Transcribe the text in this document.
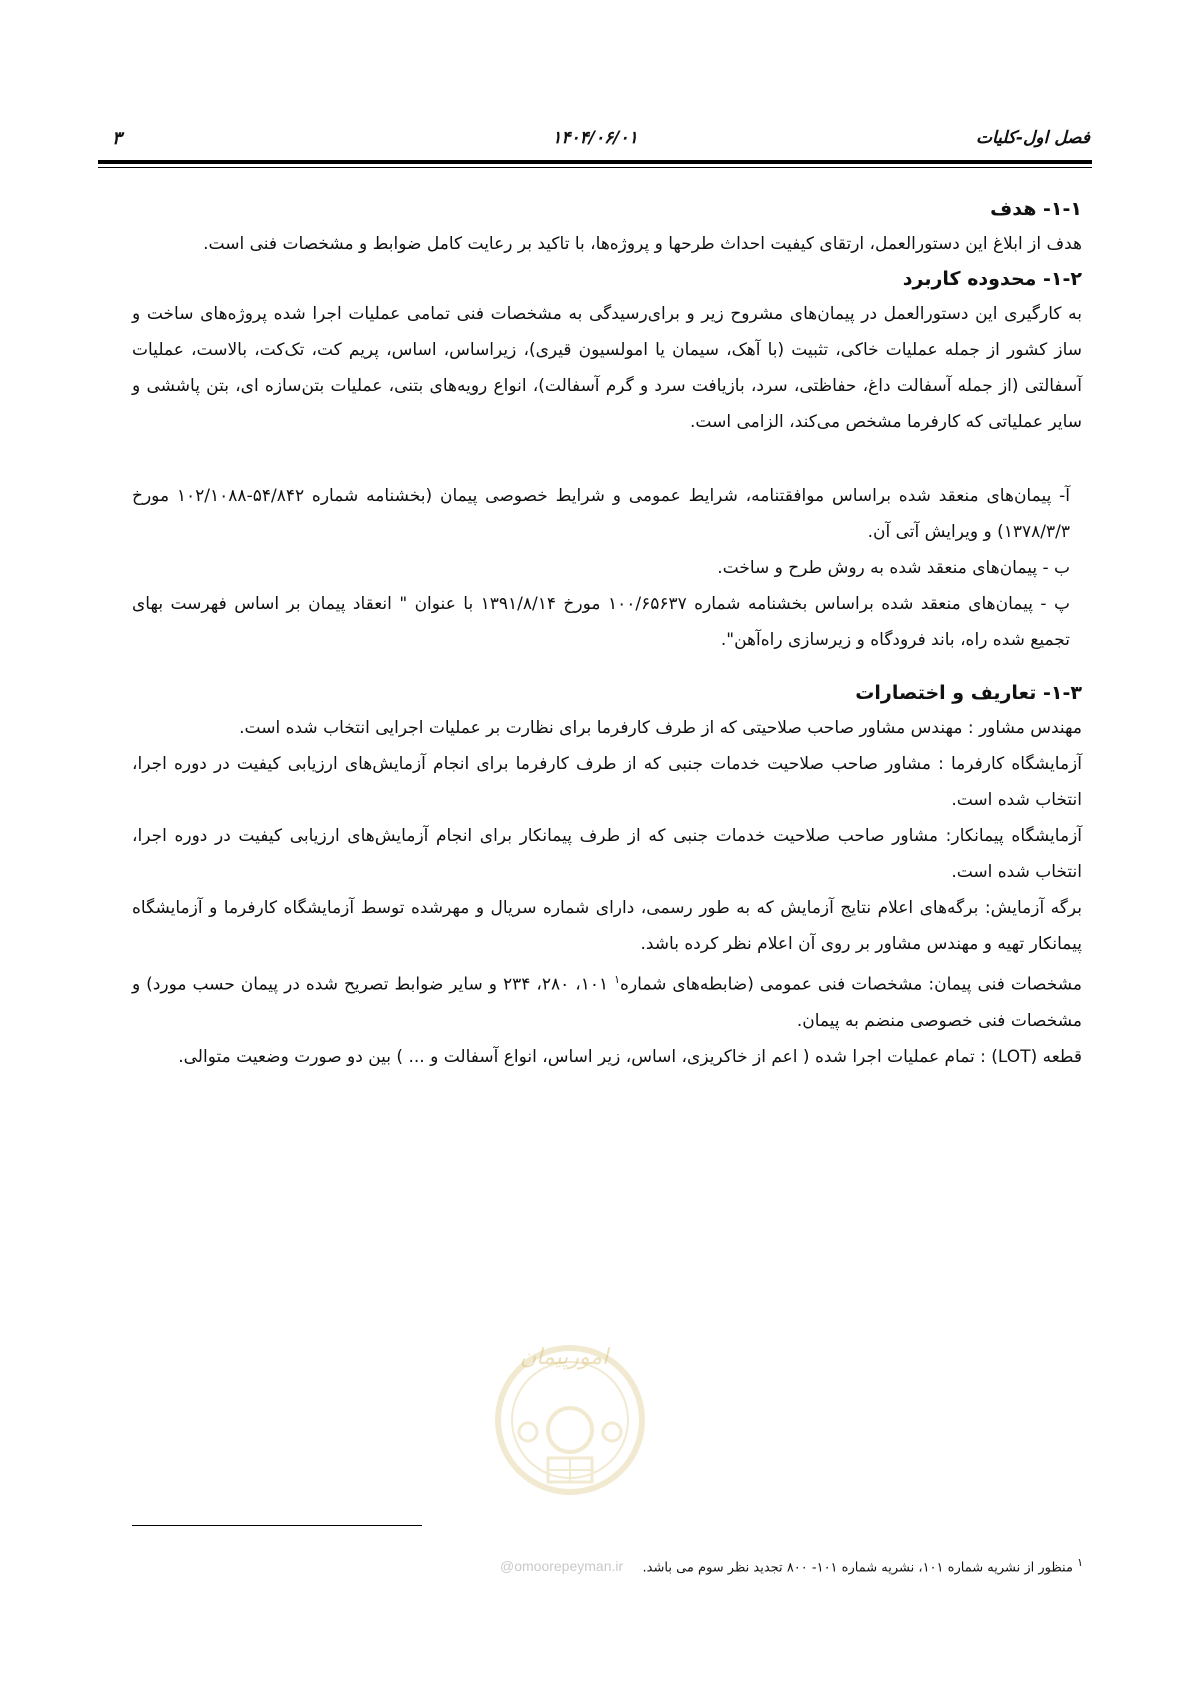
فصل اول-کلیات
۱۴۰۴/۰۶/۰۱
۳

۱-۱- هدف

هدف از ابلاغ این دستورالعمل، ارتقای کیفیت احداث طرحها و پروژه‌ها، با تاکید بر رعایت کامل ضوابط و مشخصات فنی است.

۱-۲- محدوده کاربرد

به کارگیری این دستورالعمل در پیمان‌های مشروح زیر و برای‌رسیدگی به مشخصات فنی تمامی عملیات اجرا شده پروژه‌های ساخت و ساز کشور از جمله عملیات خاکی، تثبیت (با آهک، سیمان یا امولسیون قیری)، زیراساس، اساس، پریم کت، تک‌کت، بالاست، عملیات آسفالتی (از جمله آسفالت داغ، حفاظتی، سرد، بازیافت سرد و گرم آسفالت)، انواع رویه‌های بتنی، عملیات بتن‌سازه ای، بتن پاششی و سایر عملیاتی که کارفرما مشخص می‌کند، الزامی است.

آ- پیمان‌های منعقد شده براساس موافقتنامه، شرایط عمومی و شرایط خصوصی پیمان (بخشنامه شماره ۵۴/۸۴۲-۱۰۲/۱۰۸۸ مورخ ۱۳۷۸/۳/۳) و ویرایش آتی آن.

ب - پیمان‌های منعقد شده به روش طرح و ساخت.

پ - پیمان‌های منعقد شده براساس بخشنامه شماره ۱۰۰/۶۵۶۳۷ مورخ ۱۳۹۱/۸/۱۴ با عنوان " انعقاد پیمان بر اساس فهرست بهای تجمیع شده راه، باند فرودگاه و زیرسازی راه‌آهن".

۱-۳- تعاریف و اختصارات

مهندس مشاور : مهندس مشاور صاحب صلاحیتی که از طرف کارفرما برای نظارت بر عملیات اجرایی انتخاب شده است.

آزمایشگاه کارفرما : مشاور صاحب صلاحیت خدمات جنبی که از طرف کارفرما برای انجام آزمایش‌های ارزیابی کیفیت در دوره اجرا، انتخاب شده است.

آزمایشگاه پیمانکار: مشاور صاحب صلاحیت خدمات جنبی که از طرف پیمانکار برای انجام آزمایش‌های ارزیابی کیفیت در دوره اجرا، انتخاب شده است.

برگه آزمایش: برگه‌های اعلام نتایج آزمایش که به طور رسمی، دارای شماره سریال و مهرشده توسط آزمایشگاه کارفرما و آزمایشگاه پیمانکار تهیه و مهندس مشاور بر روی آن اعلام نظر کرده باشد.

مشخصات فنی پیمان: مشخصات فنی عمومی (ضابطه‌های شماره$^۱$ ۱۰۱، ۲۸۰، ۲۳۴ و سایر ضوابط تصریح شده در پیمان حسب مورد) و مشخصات فنی خصوصی منضم به پیمان.

قطعه (LOT) : تمام عملیات اجرا شده ( اعم از خاکریزی، اساس، زیر اساس، انواع آسفالت و ... ) بین دو صورت وضعیت متوالی.

امورپیمان
@omoorepeyman.ir	$^۱$ منظور از نشریه شماره ۱۰۱، نشریه شماره ۱۰۱- ۸۰۰ تجدید نظر سوم می باشد.
